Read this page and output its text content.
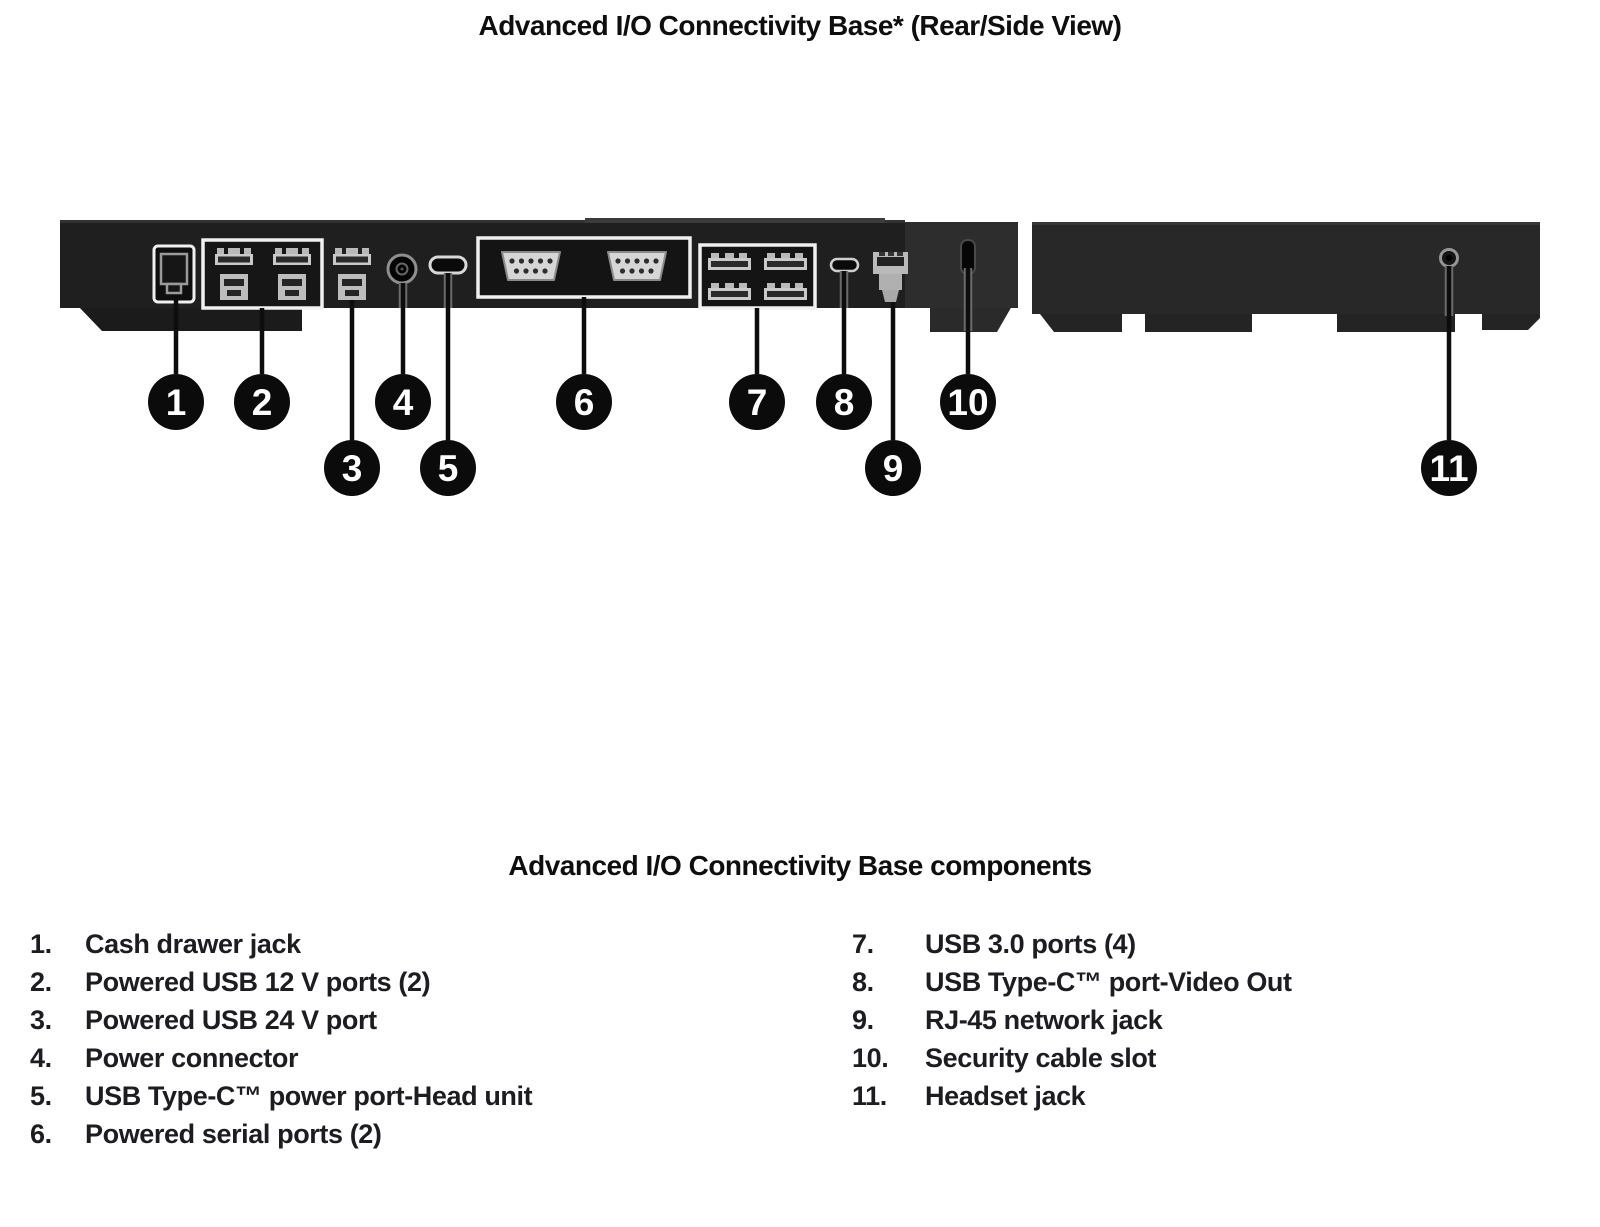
Advanced I/O Connectivity Base* (Rear/Side View)
1 2
3
4
5
6	7 8
9
10
11
Advanced I/O Connectivity Base components
1.	Cash drawer jack
2.	Powered USB 12 V ports (2)
3.	Powered USB 24 V port
4.	Power connector
5.	USB Type-C™ power port-Head unit
6.	Powered serial ports (2)
7.	USB 3.0 ports (4)
8.	USB Type-C™ port-Video Out
9.	RJ-45 network jack
10.	Security cable slot
11.	Headset jack
